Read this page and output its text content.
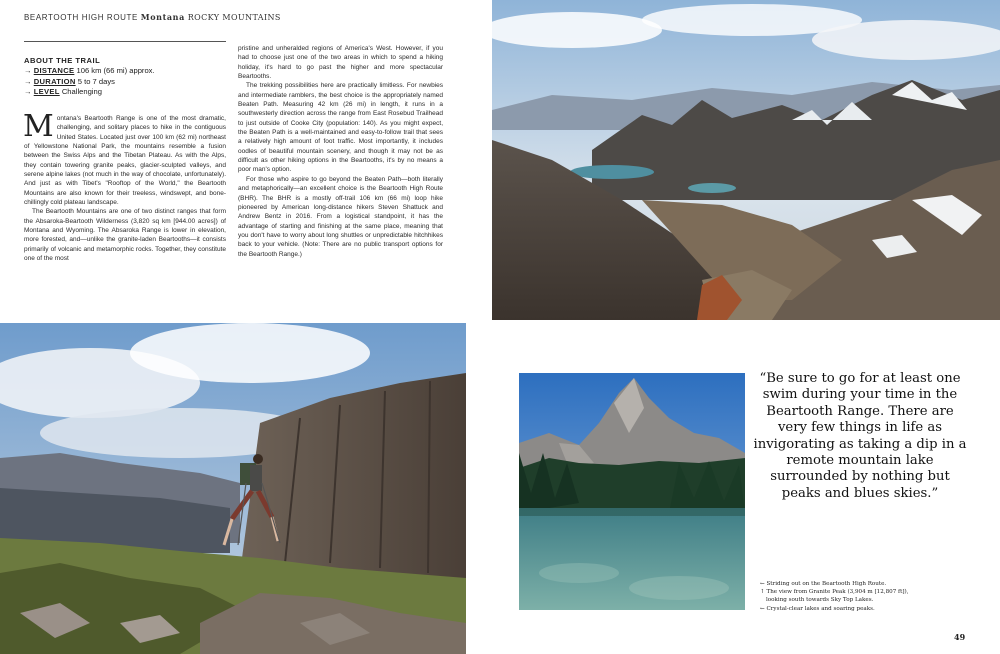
BEARTOOTH HIGH ROUTE Montana ROCKY MOUNTAINS
ABOUT THE TRAIL
→ DISTANCE 106 km (66 mi) approx.
→ DURATION 5 to 7 days
→ LEVEL Challenging

Montana's Beartooth Range is one of the most dramatic, challenging, and solitary places to hike in the contiguous United States. Located just over 100 km (62 mi) northeast of Yellowstone National Park, the mountains resemble a fusion between the Swiss Alps and the Tibetan Plateau. As with the Alps, they contain towering granite peaks, glacier-sculpted valleys, and serene alpine lakes (not much in the way of chocolate, unfortunately). And just as with Tibet's "Rooftop of the World," the Beartooth Mountains are also known for their treeless, windswept, and bone-chillingly cold plateau landscape.

The Beartooth Mountains are one of two distinct ranges that form the Absaroka-Beartooth Wilderness (3,820 sq km [944.00 acres]) of Montana and Wyoming. The Absaroka Range is lower in elevation, more forested, and—unlike the granite-laden Beartooths—it consists primarily of volcanic and metamorphic rocks. Together, they constitute one of the most

pristine and unheralded regions of America's West. However, if you had to choose just one of the two areas in which to spend a hiking holiday, it's hard to go past the higher and more spectacular Beartooths.

The trekking possibilities here are practically limitless. For newbies and intermediate ramblers, the best choice is the appropriately named Beaten Path. Measuring 42 km (26 mi) in length, it runs in a southwesterly direction across the range from East Rosebud Trailhead to just outside of Cooke City (population: 140). As you might expect, the Beaten Path is a well-maintained and easy-to-follow trail that sees a relatively high amount of foot traffic. Most importantly, it includes oodles of beautiful mountain scenery, and though it may not be as difficult as other hiking options in the Beartooths, it's by no means a poor man's option.

For those who aspire to go beyond the Beaten Path—both literally and metaphorically—an excellent choice is the Beartooth High Route (BHR). The BHR is a mostly off-trail 106 km (66 mi) loop hike pioneered by American long-distance hikers Steven Shattuck and Andrew Bentz in 2016. From a logistical standpoint, it has the advantage of starting and finishing at the same place, meaning that you don't have to worry about long shuttles or unpredictable hitchhikes back to your vehicle. (Note: There are no public transport options for the Beartooth Range.)

“Be sure to go for at least one swim during your time in the Beartooth Range. There are very few things in life as invigorating as taking a dip in a remote mountain lake surrounded by nothing but peaks and blues skies.”
← Striding out on the Beartooth High Route.
↑ The view from Granite Peak (3,904 m [12,807 ft]),
looking south towards Sky Top Lakes.
← Crystal-clear lakes and soaring peaks.
49
